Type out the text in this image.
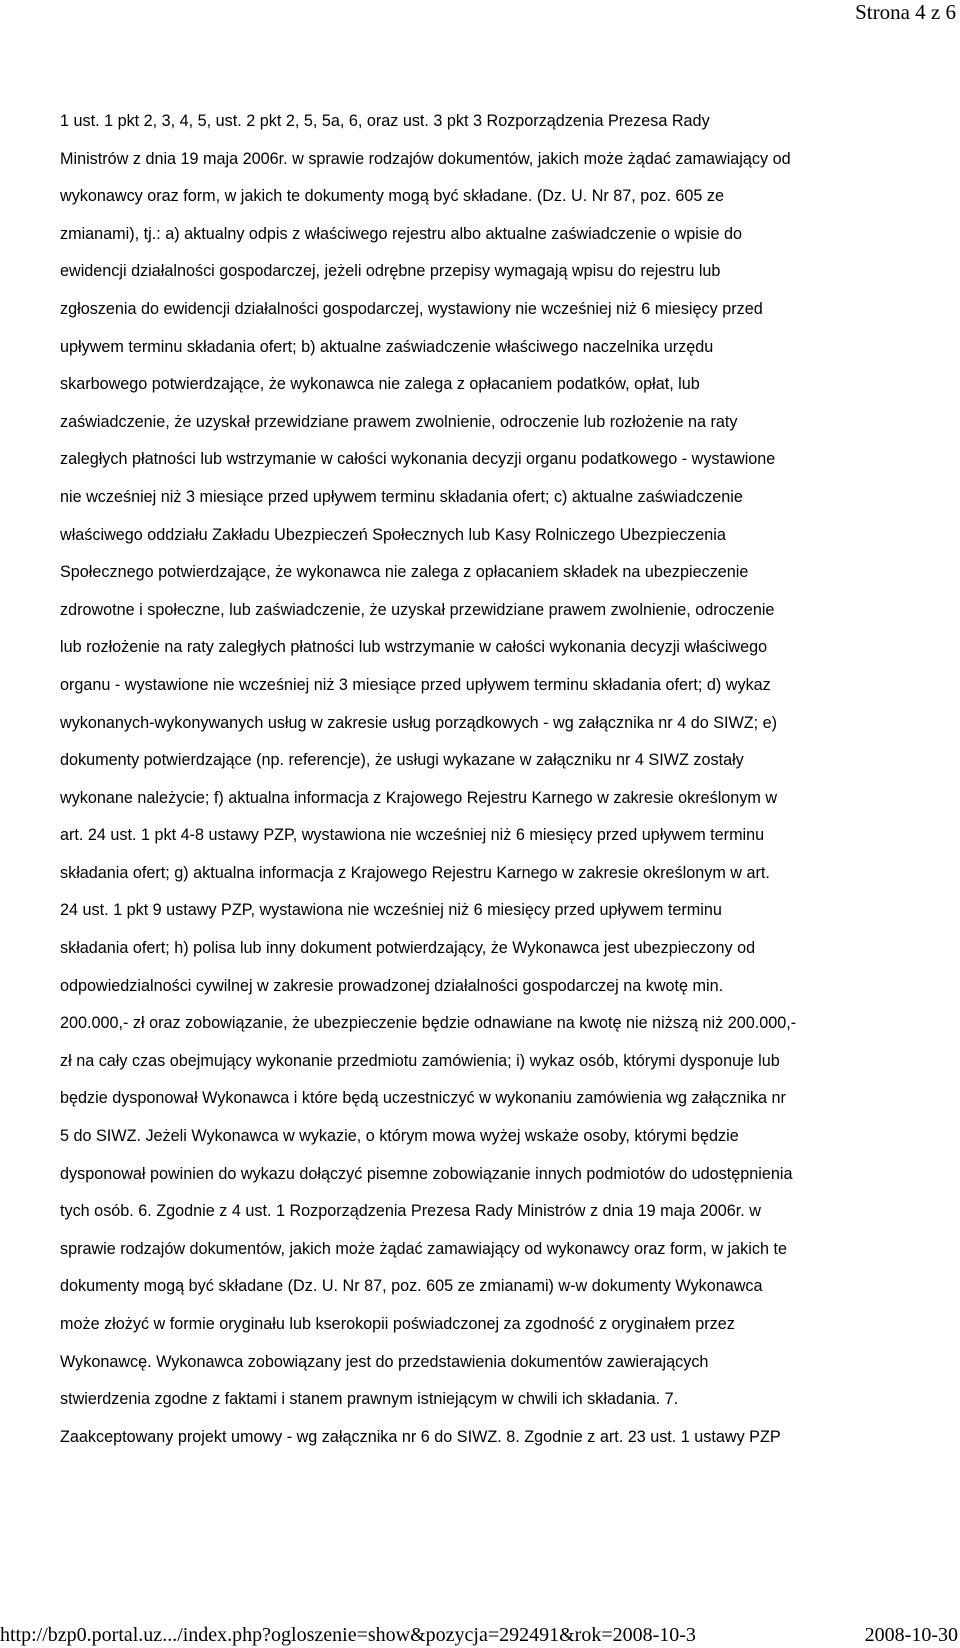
Strona 4 z 6
1 ust. 1 pkt 2, 3, 4, 5, ust. 2 pkt 2, 5, 5a, 6, oraz ust. 3 pkt 3 Rozporządzenia Prezesa Rady
Ministrów z dnia 19 maja 2006r. w sprawie rodzajów dokumentów, jakich może żądać zamawiający od
wykonawcy oraz form, w jakich te dokumenty mogą być składane. (Dz. U. Nr 87, poz. 605 ze
zmianami), tj.: a) aktualny odpis z właściwego rejestru albo aktualne zaświadczenie o wpisie do
ewidencji działalności gospodarczej, jeżeli odrębne przepisy wymagają wpisu do rejestru lub
zgłoszenia do ewidencji działalności gospodarczej, wystawiony nie wcześniej niż 6 miesięcy przed
upływem terminu składania ofert; b) aktualne zaświadczenie właściwego naczelnika urzędu
skarbowego potwierdzające, że wykonawca nie zalega z opłacaniem podatków, opłat, lub
zaświadczenie, że uzyskał przewidziane prawem zwolnienie, odroczenie lub rozłożenie na raty
zaległych płatności lub wstrzymanie w całości wykonania decyzji organu podatkowego - wystawione
nie wcześniej niż 3 miesiące przed upływem terminu składania ofert; c) aktualne zaświadczenie
właściwego oddziału Zakładu Ubezpieczeń Społecznych lub Kasy Rolniczego Ubezpieczenia
Społecznego potwierdzające, że wykonawca nie zalega z opłacaniem składek na ubezpieczenie
zdrowotne i społeczne, lub zaświadczenie, że uzyskał przewidziane prawem zwolnienie, odroczenie
lub rozłożenie na raty zaległych płatności lub wstrzymanie w całości wykonania decyzji właściwego
organu - wystawione nie wcześniej niż 3 miesiące przed upływem terminu składania ofert; d) wykaz
wykonanych-wykonywanych usług w zakresie usług porządkowych - wg załącznika nr 4 do SIWZ; e)
dokumenty potwierdzające (np. referencje), że usługi wykazane w załączniku nr 4 SIWZ zostały
wykonane należycie; f) aktualna informacja z Krajowego Rejestru Karnego w zakresie określonym w
art. 24 ust. 1 pkt 4-8 ustawy PZP, wystawiona nie wcześniej niż 6 miesięcy przed upływem terminu
składania ofert; g) aktualna informacja z Krajowego Rejestru Karnego w zakresie określonym w art.
24 ust. 1 pkt 9 ustawy PZP, wystawiona nie wcześniej niż 6 miesięcy przed upływem terminu
składania ofert; h) polisa lub inny dokument potwierdzający, że Wykonawca jest ubezpieczony od
odpowiedzialności cywilnej w zakresie prowadzonej działalności gospodarczej na kwotę min.
200.000,- zł oraz zobowiązanie, że ubezpieczenie będzie odnawiane na kwotę nie niższą niż 200.000,-
zł na cały czas obejmujący wykonanie przedmiotu zamówienia; i) wykaz osób, którymi dysponuje lub
będzie dysponował Wykonawca i które będą uczestniczyć w wykonaniu zamówienia wg załącznika nr
5 do SIWZ. Jeżeli Wykonawca w wykazie, o którym mowa wyżej wskaże osoby, którymi będzie
dysponował powinien do wykazu dołączyć pisemne zobowiązanie innych podmiotów do udostępnienia
tych osób. 6. Zgodnie z 4 ust. 1 Rozporządzenia Prezesa Rady Ministrów z dnia 19 maja 2006r. w
sprawie rodzajów dokumentów, jakich może żądać zamawiający od wykonawcy oraz form, w jakich te
dokumenty mogą być składane (Dz. U. Nr 87, poz. 605 ze zmianami) w-w dokumenty Wykonawca
może złożyć w formie oryginału lub kserokopii poświadczonej za zgodność z oryginałem przez
Wykonawcę. Wykonawca zobowiązany jest do przedstawienia dokumentów zawierających
stwierdzenia zgodne z faktami i stanem prawnym istniejącym w chwili ich składania. 7.
Zaakceptowany projekt umowy - wg załącznika nr 6 do SIWZ. 8. Zgodnie z art. 23 ust. 1 ustawy PZP
http://bzp0.portal.uz.../index.php?ogloszenie=show&pozycja=292491&rok=2008-10-3	2008-10-30
